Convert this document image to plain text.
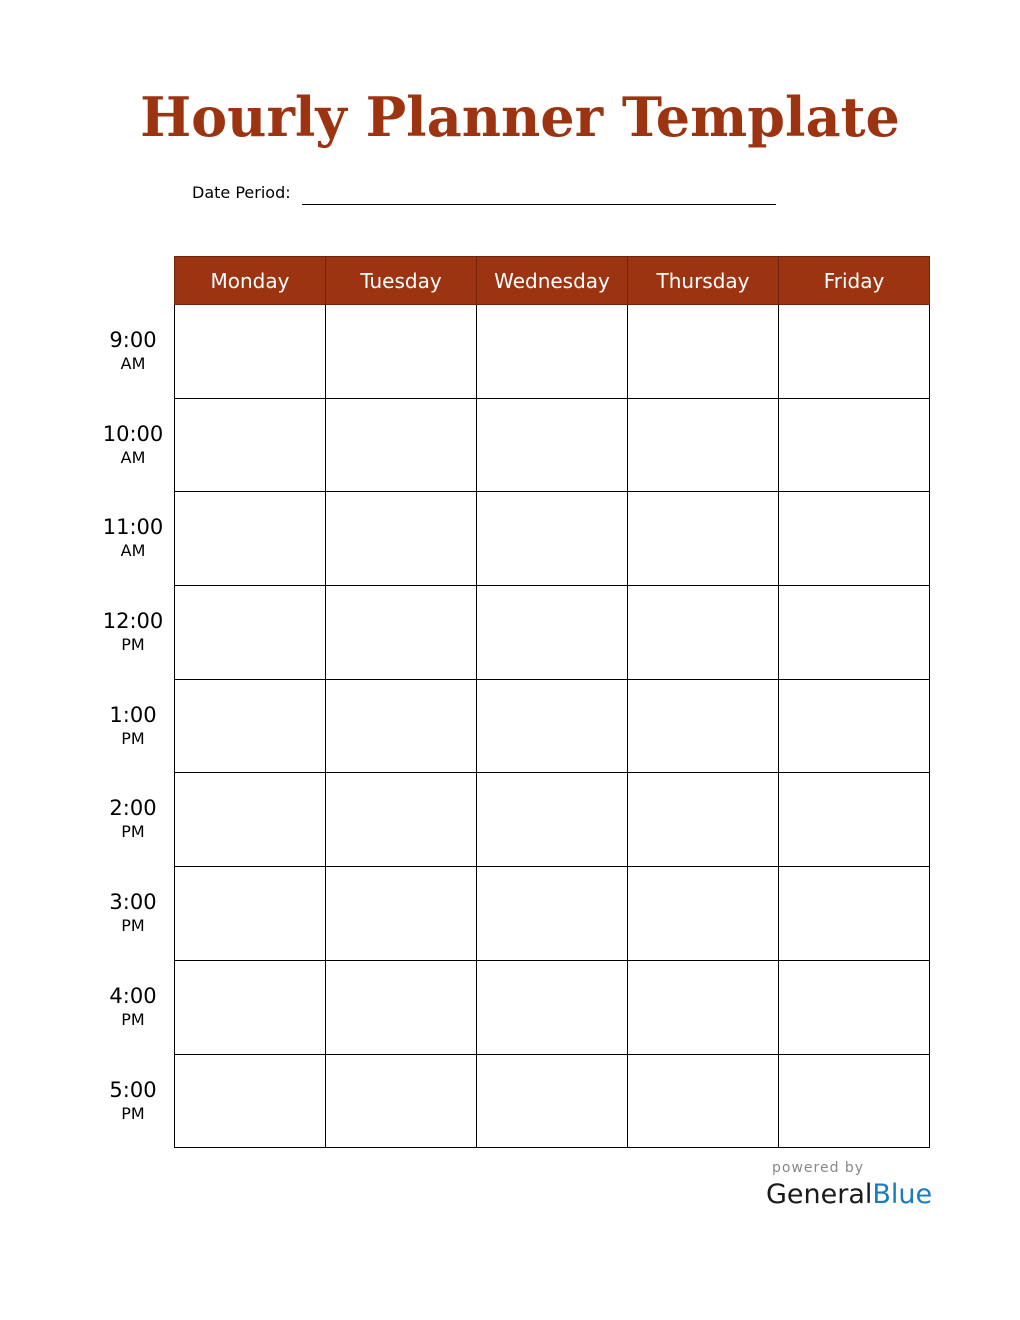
Hourly Planner Template
Date Period:
Monday	Tuesday	Wednesday	Thursday	Friday

9:00
AM
10:00
AM
11:00
AM
12:00
PM
1:00
PM
2:00
PM
3:00
PM
4:00
PM
5:00
PM
powered by
GeneralBlue
